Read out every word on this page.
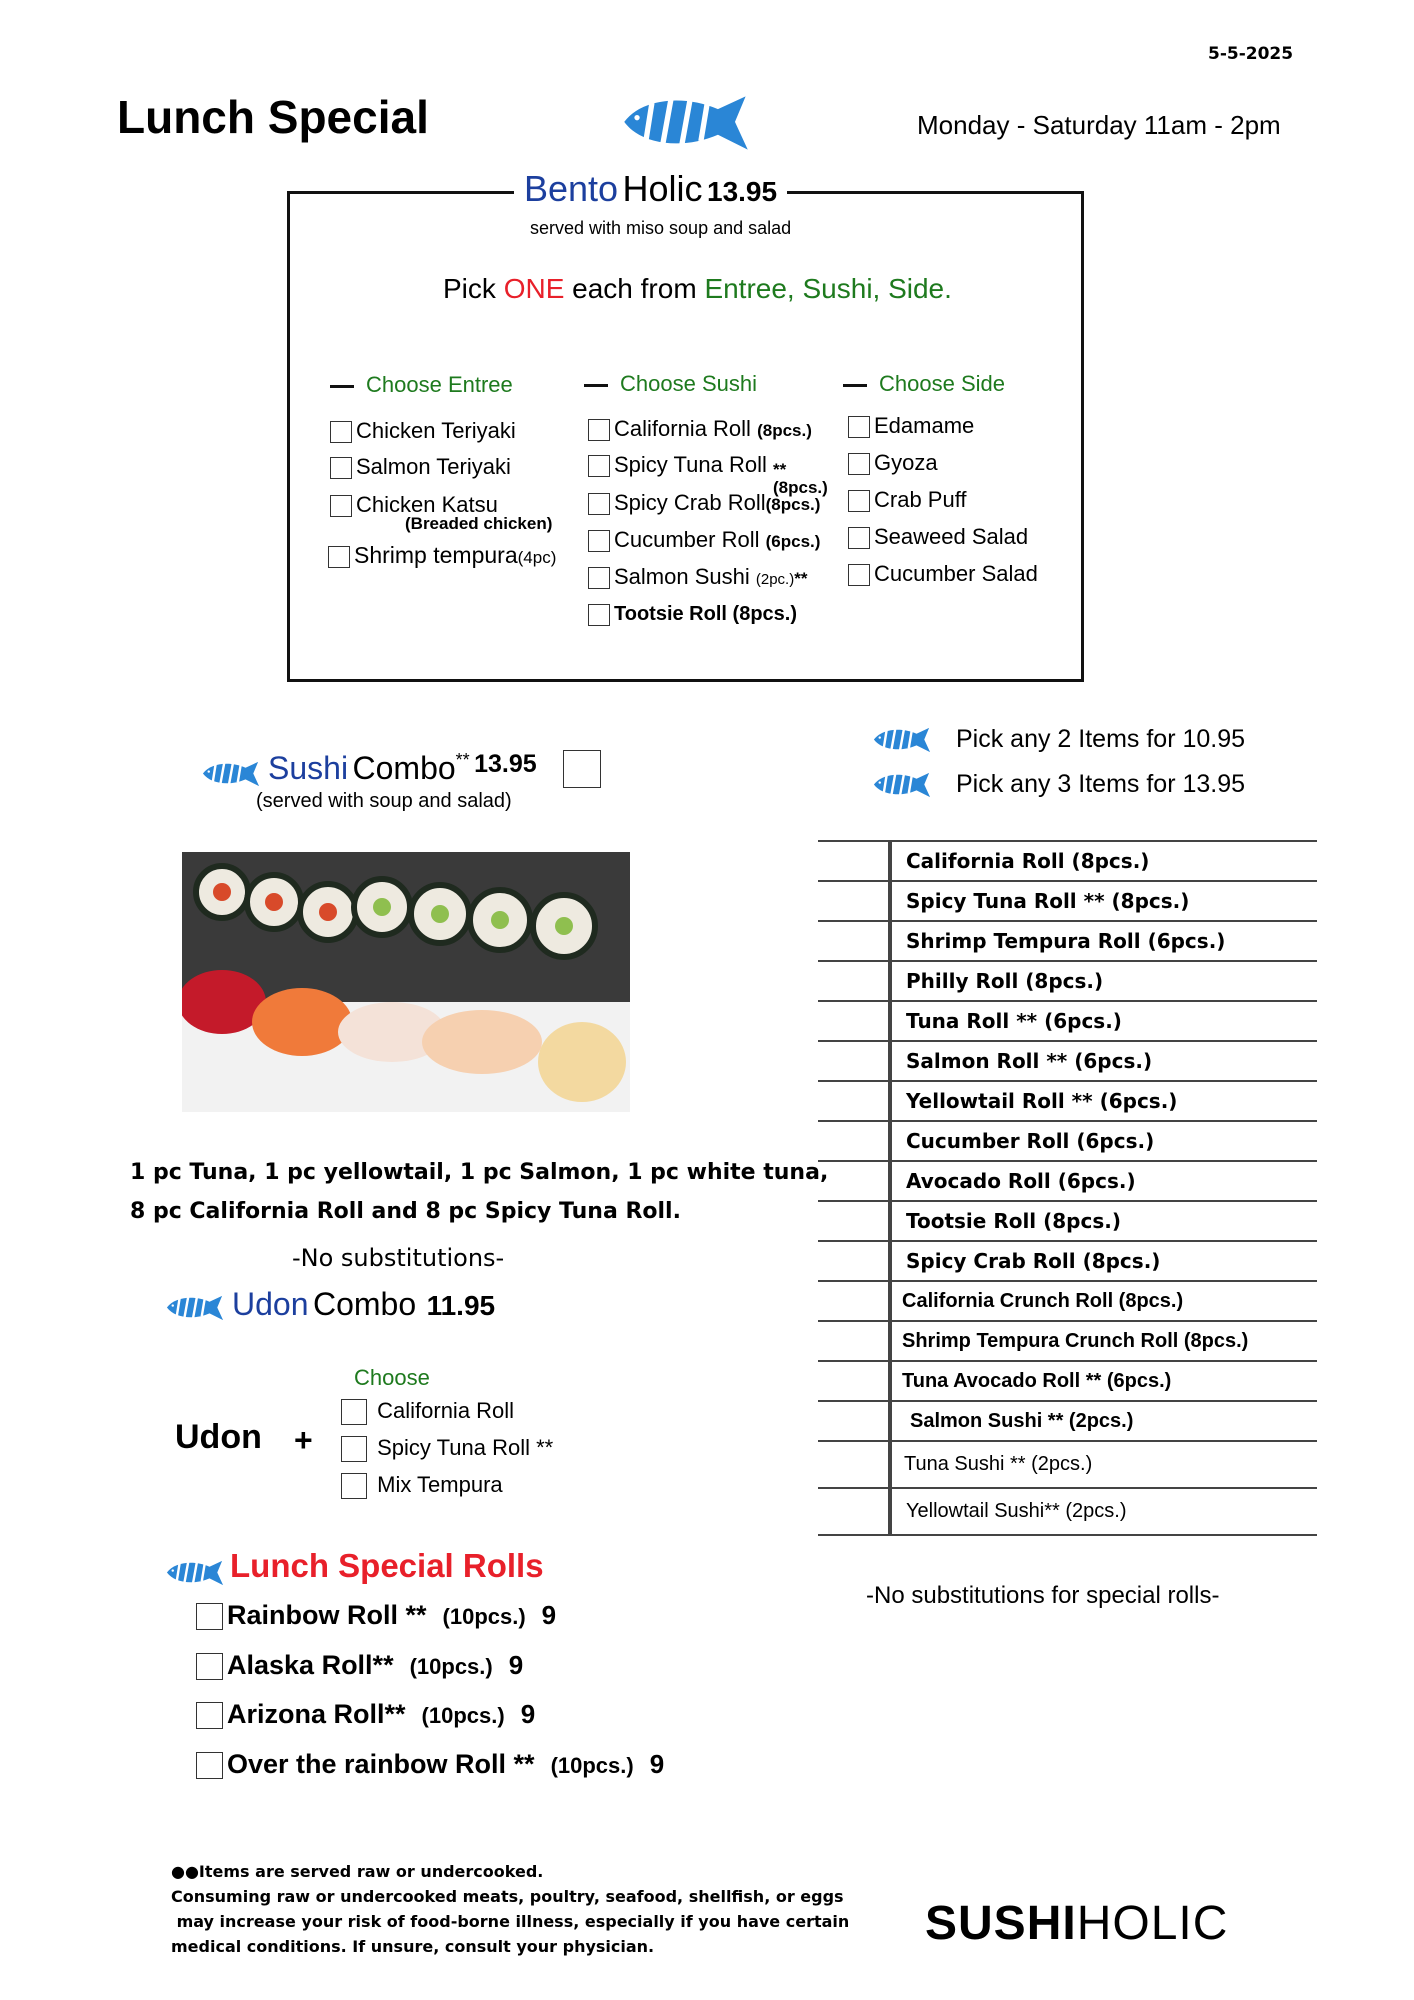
5-5-2025
Lunch Special	Monday - Saturday 11am - 2pm
Bento Holic 13.95
served with miso soup and salad
Pick ONE each from Entree, Sushi, Side.
Choose Entree
Chicken Teriyaki
Salmon Teriyaki
Chicken Katsu
(Breaded chicken)
Shrimp tempura(4pc)
Choose Sushi
California Roll (8pcs.)
Spicy Tuna Roll **
(8pcs.)
Spicy Crab Roll(8pcs.)
Cucumber Roll (6pcs.)
Salmon Sushi (2pc.)**
Tootsie Roll (8pcs.)
Choose Side
Edamame
Gyoza
Crab Puff
Seaweed Salad
Cucumber Salad
Pick any 2 Items for 10.95
Pick any 3 Items for 13.95
Sushi Combo** 13.95
(served with soup and salad)
1 pc Tuna, 1 pc yellowtail, 1 pc Salmon, 1 pc white tuna,
8 pc California Roll and 8 pc Spicy Tuna Roll.
-No substitutions-
Udon Combo 11.95
Choose
Udon +
California Roll
Spicy Tuna Roll **
Mix Tempura
Lunch Special Rolls
Rainbow Roll ** (10pcs.) 9
Alaska Roll** (10pcs.) 9
Arizona Roll** (10pcs.) 9
Over the rainbow Roll ** (10pcs.) 9
	California Roll (8pcs.)
	Spicy Tuna Roll ** (8pcs.)
	Shrimp Tempura Roll (6pcs.)
	Philly Roll (8pcs.)
	Tuna Roll ** (6pcs.)
	Salmon Roll ** (6pcs.)
	Yellowtail Roll ** (6pcs.)
	Cucumber Roll (6pcs.)
	Avocado Roll (6pcs.)
	Tootsie Roll (8pcs.)
	Spicy Crab Roll (8pcs.)
	California Crunch Roll (8pcs.)
	Shrimp Tempura Crunch Roll (8pcs.)
	Tuna Avocado Roll ** (6pcs.)
	Salmon Sushi ** (2pcs.)
	Tuna Sushi ** (2pcs.)
	Yellowtail Sushi** (2pcs.)
-No substitutions for special rolls-
●●Items are served raw or undercooked.
Consuming raw or undercooked meats, poultry, seafood, shellfish, or eggs
may increase your risk of food-borne illness, especially if you have certain
medical conditions. If unsure, consult your physician.	SUSHIHOLIC
